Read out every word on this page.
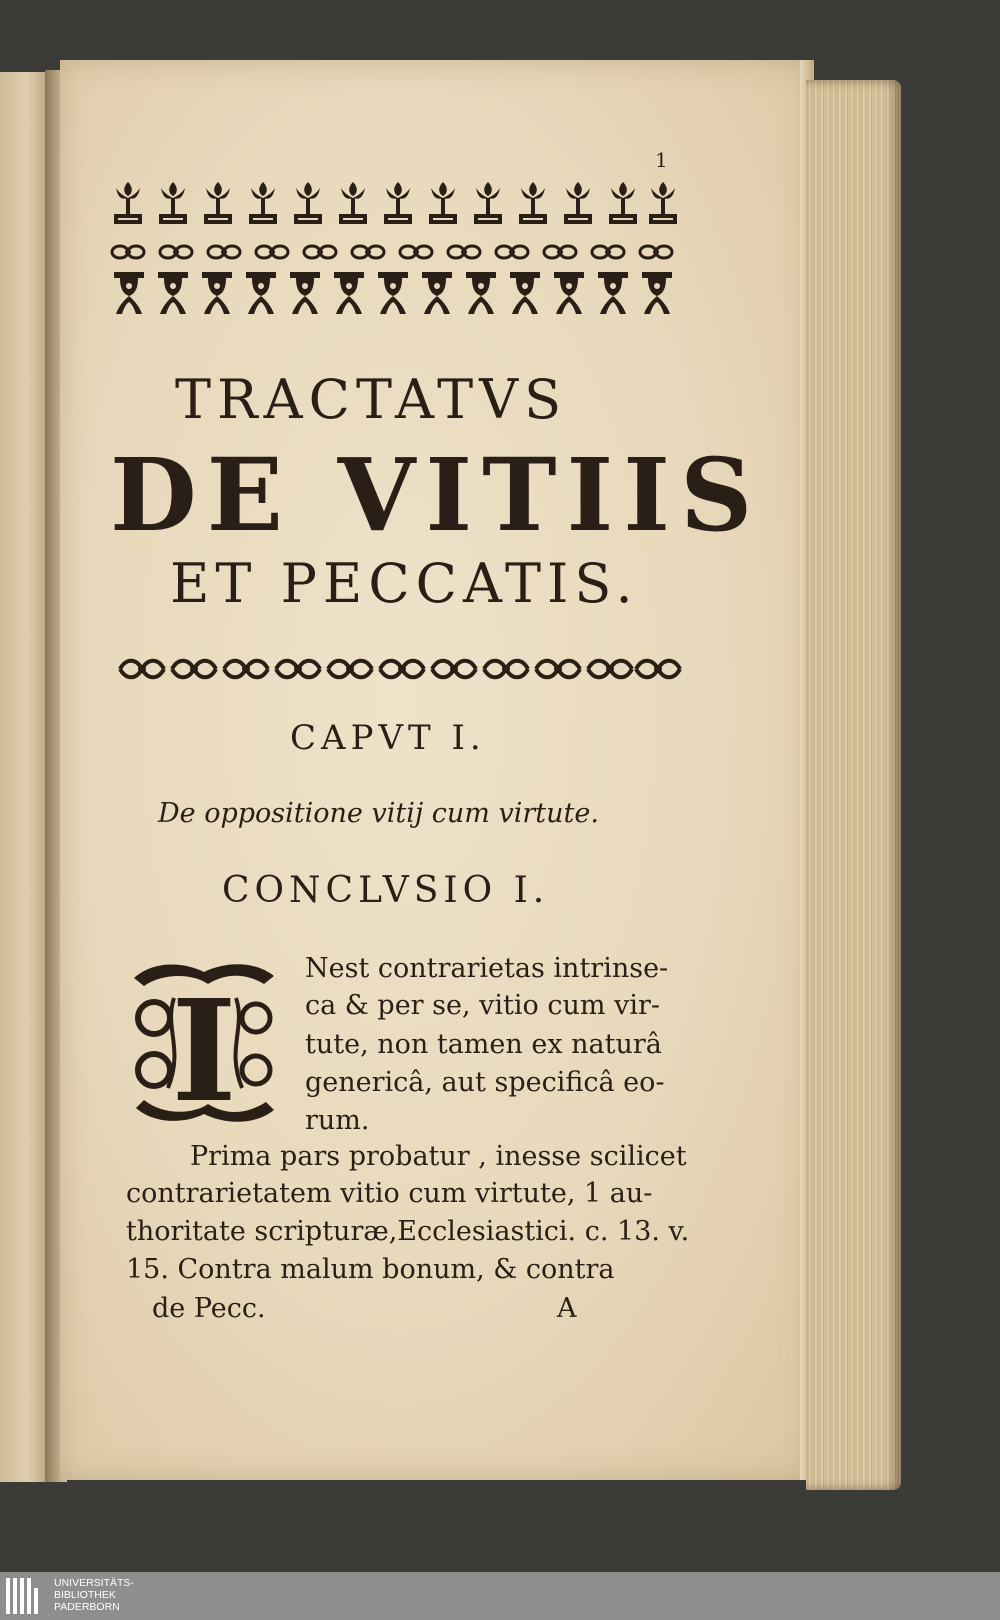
1
TRACTATVS
DE VITIIS
ET PECCATIS.
CAPVT I.
De oppositione vitij cum virtute.
CONCLVSIO I.
I
Nest contrarietas intrinse-
ca & per se, vitio cum vir-
tute, non tamen ex naturâ
genericâ, aut specificâ eo-
rum.
Prima pars probatur , inesse scilicet
contrarietatem vitio cum virtute, 1 au-
thoritate scripturæ,Ecclesiastici. c. 13. v.
15. Contra malum bonum, & contra
de Pecc.	A
UNIVERSITÄTS-
BIBLIOTHEK
PADERBORN
